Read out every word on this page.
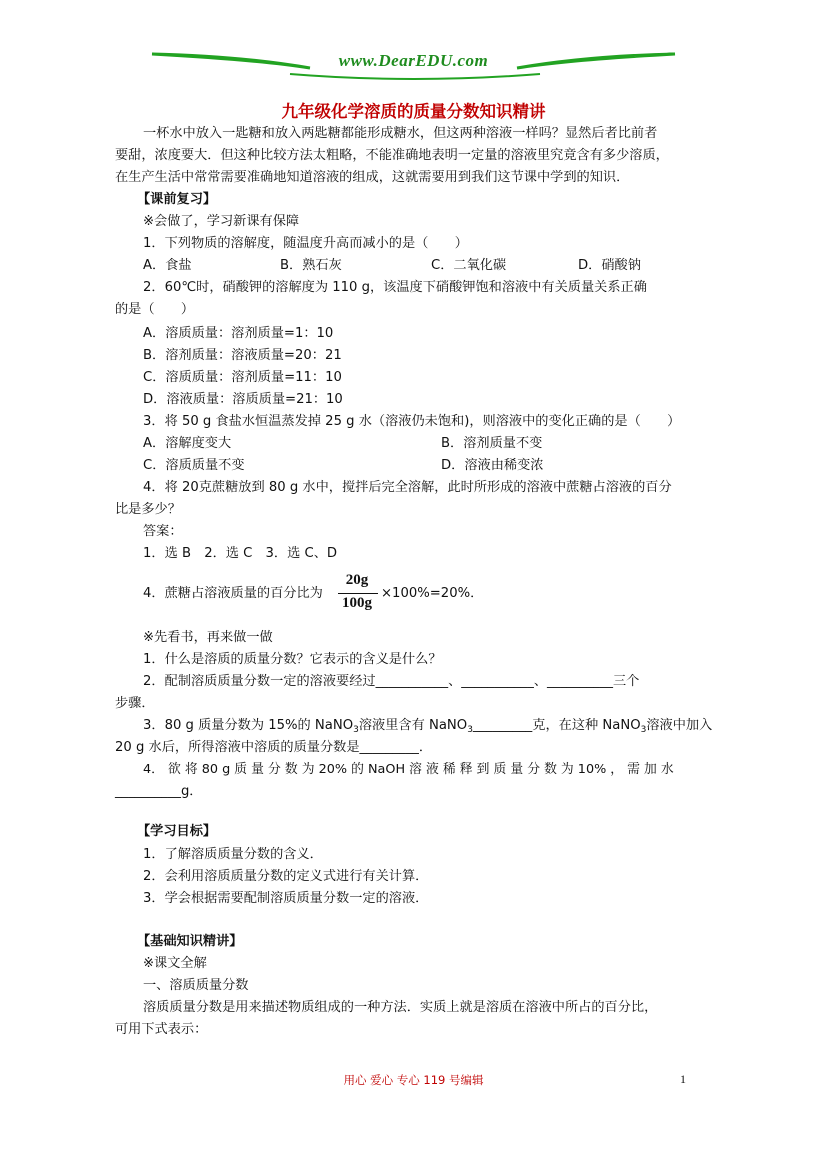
www.DearEDU.com
九年级化学溶质的质量分数知识精讲
一杯水中放入一匙糖和放入两匙糖都能形成糖水，但这两种溶液一样吗？显然后者比前者
要甜，浓度要大．但这种比较方法太粗略，不能准确地表明一定量的溶液里究竟含有多少溶质，
在生产生活中常常需要准确地知道溶液的组成，这就需要用到我们这节课中学到的知识．
【课前复习】
※会做了，学习新课有保障
1．下列物质的溶解度，随温度升高而减小的是（　　）
A．食盐	B．熟石灰	C．二氧化碳	D．硝酸钠
2．60℃时，硝酸钾的溶解度为 110 g，该温度下硝酸钾饱和溶液中有关质量关系正确
的是（　　）
A．溶质质量：溶剂质量=1：10
B．溶剂质量：溶液质量=20：21
C．溶质质量：溶剂质量=11：10
D．溶液质量：溶质质量=21：10
3．将 50 g 食盐水恒温蒸发掉 25 g 水（溶液仍未饱和)，则溶液中的变化正确的是（　　）
A．溶解度变大	B．溶剂质量不变
C．溶质质量不变	D．溶液由稀变浓
4．将 20克蔗糖放到 80 g 水中，搅拌后完全溶解，此时所形成的溶液中蔗糖占溶液的百分
比是多少？
答案：
1．选 B　2．选 C　3．选 C、D
4．蔗糖占溶液质量的百分比为
20g
100g
×100%=20%．
※先看书，再来做一做
1．什么是溶质的质量分数？它表示的含义是什么？
2．配制溶质质量分数一定的溶液要经过___________、___________、__________三个
步骤．
3．80 g 质量分数为 15%的 NaNO$_3$溶液里含有 NaNO$_3$_________克，在这种 NaNO$_3$溶液中加入
20 g 水后，所得溶液中溶质的质量分数是_________．
4． 欲 将 80 g 质 量 分 数 为 20% 的 NaOH 溶 液 稀 释 到 质 量 分 数 为 10% ， 需 加 水
__________g．
【学习目标】
1．了解溶质质量分数的含义．
2．会利用溶质质量分数的定义式进行有关计算．
3．学会根据需要配制溶质质量分数一定的溶液．
【基础知识精讲】
※课文全解
一、溶质质量分数
溶质质量分数是用来描述物质组成的一种方法．实质上就是溶质在溶液中所占的百分比，
可用下式表示：
用心 爱心 专心 119 号编辑	1
